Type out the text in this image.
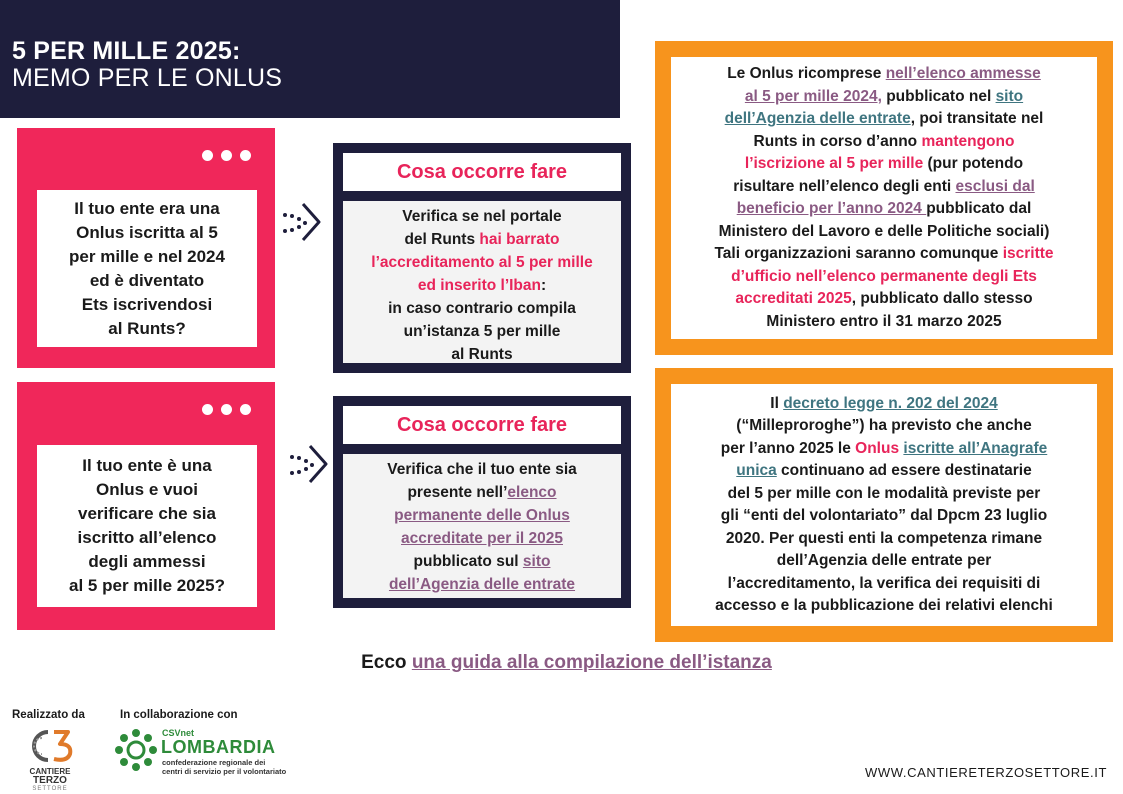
5 PER MILLE 2025:
MEMO PER LE ONLUS
Il tuo ente era una
Onlus iscritta al 5
per mille e nel 2024
ed è diventato
Ets iscrivendosi
al Runts?
Cosa occorre fare
Verifica se nel portale
del Runts hai barrato
l’accreditamento al 5 per mille
ed inserito l’Iban:
in caso contrario compila
un’istanza 5 per mille
al Runts
Le Onlus ricomprese nell’elenco ammesse
al 5 per mille 2024, pubblicato nel sito
dell’Agenzia delle entrate, poi transitate nel
Runts in corso d’anno mantengono
l’iscrizione al 5 per mille (pur potendo
risultare nell’elenco degli enti esclusi dal
beneficio per l’anno 2024 pubblicato dal
Ministero del Lavoro e delle Politiche sociali)
Tali organizzazioni saranno comunque iscritte
d’ufficio nell’elenco permanente degli Ets
accreditati 2025, pubblicato dallo stesso
Ministero entro il 31 marzo 2025
Il tuo ente è una
Onlus e vuoi
verificare che sia
iscritto all’elenco
degli ammessi
al 5 per mille 2025?
Cosa occorre fare
Verifica che il tuo ente sia
presente nell’elenco
permanente delle Onlus
accreditate per il 2025
pubblicato sul sito
dell’Agenzia delle entrate
Il decreto legge n. 202 del 2024
(“Milleproroghe”) ha previsto che anche
per l’anno 2025 le Onlus iscritte all’Anagrafe
unica continuano ad essere destinatarie
del 5 per mille con le modalità previste per
gli “enti del volontariato” dal Dpcm 23 luglio
2020. Per questi enti la competenza rimane
dell’Agenzia delle entrate per
l’accreditamento, la verifica dei requisiti di
accesso e la pubblicazione dei relativi elenchi
Ecco una guida alla compilazione dell’istanza
Realizzato da	In collaborazione con
CANTIERE
TERZO
SETTORE
CSVnet
LOMBARDIA
confederazione regionale dei
centri di servizio per il volontariato	WWW.CANTIERETERZOSETTORE.IT
